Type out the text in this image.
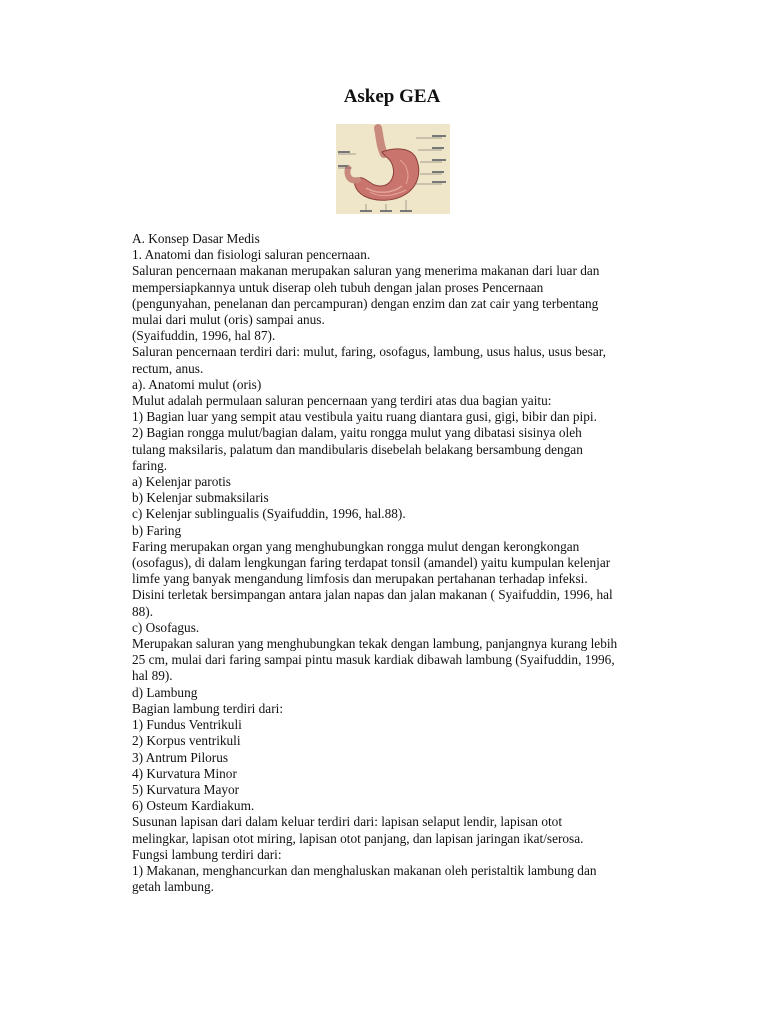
Askep GEA
A. Konsep Dasar Medis
1. Anatomi dan fisiologi saluran pencernaan.
Saluran pencernaan makanan merupakan saluran yang menerima makanan dari luar dan
mempersiapkannya untuk diserap oleh tubuh dengan jalan proses Pencernaan
(pengunyahan, penelanan dan percampuran) dengan enzim dan zat cair yang terbentang
mulai dari mulut (oris) sampai anus.
(Syaifuddin, 1996, hal 87).
Saluran pencernaan terdiri dari: mulut, faring, osofagus, lambung, usus halus, usus besar,
rectum, anus.
a). Anatomi mulut (oris)
Mulut adalah permulaan saluran pencernaan yang terdiri atas dua bagian yaitu:
1) Bagian luar yang sempit atau vestibula yaitu ruang diantara gusi, gigi, bibir dan pipi.
2) Bagian rongga mulut/bagian dalam, yaitu rongga mulut yang dibatasi sisinya oleh
tulang maksilaris, palatum dan mandibularis disebelah belakang bersambung dengan
faring.
a) Kelenjar parotis
b) Kelenjar submaksilaris
c) Kelenjar sublingualis (Syaifuddin, 1996, hal.88).
b) Faring
Faring merupakan organ yang menghubungkan rongga mulut dengan kerongkongan
(osofagus), di dalam lengkungan faring terdapat tonsil (amandel) yaitu kumpulan kelenjar
limfe yang banyak mengandung limfosis dan merupakan pertahanan terhadap infeksi.
Disini terletak bersimpangan antara jalan napas dan jalan makanan ( Syaifuddin, 1996, hal
88).
c) Osofagus.
Merupakan saluran yang menghubungkan tekak dengan lambung, panjangnya kurang lebih
25 cm, mulai dari faring sampai pintu masuk kardiak dibawah lambung (Syaifuddin, 1996,
hal 89).
d) Lambung
Bagian lambung terdiri dari:
1) Fundus Ventrikuli
2) Korpus ventrikuli
3) Antrum Pilorus
4) Kurvatura Minor
5) Kurvatura Mayor
6) Osteum Kardiakum.
Susunan lapisan dari dalam keluar terdiri dari: lapisan selaput lendir, lapisan otot
melingkar, lapisan otot miring, lapisan otot panjang, dan lapisan jaringan ikat/serosa.
Fungsi lambung terdiri dari:
1) Makanan, menghancurkan dan menghaluskan makanan oleh peristaltik lambung dan
getah lambung.
